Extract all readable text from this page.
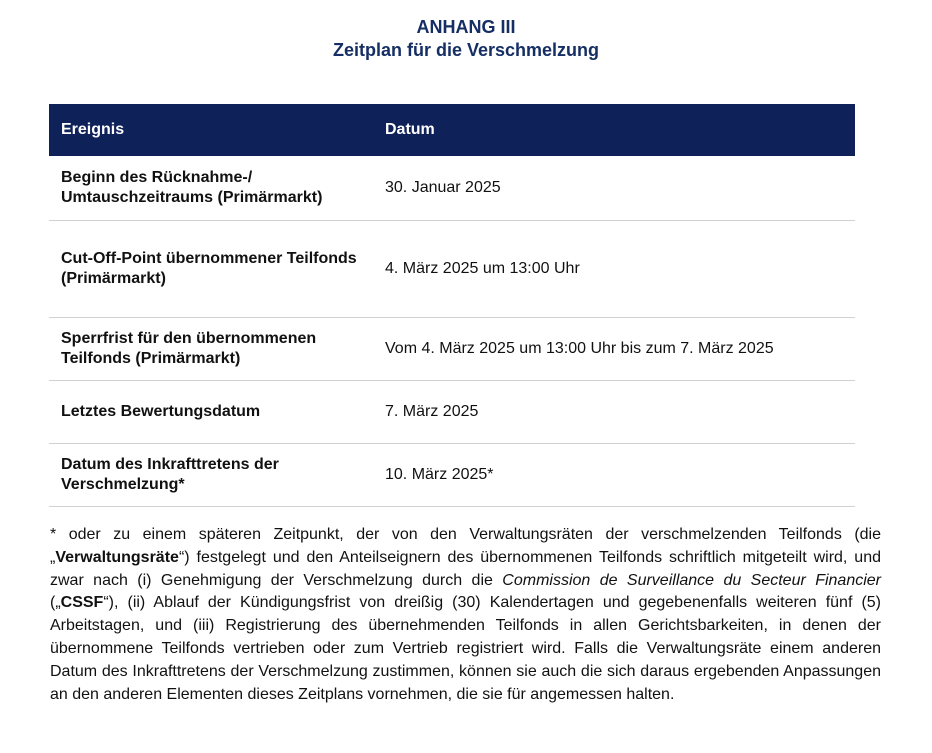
ANHANG III
Zeitplan für die Verschmelzung
Ereignis	Datum
Beginn des Rücknahme-/ Umtauschzeitraums (Primärmarkt)	30. Januar 2025
Cut-Off-Point übernommener Teilfonds (Primärmarkt)	4. März 2025 um 13:00 Uhr
Sperrfrist für den übernommenen Teilfonds (Primärmarkt)	Vom 4. März 2025 um 13:00 Uhr bis zum 7. März 2025
Letztes Bewertungsdatum	7. März 2025
Datum des Inkrafttretens der Verschmelzung*	10. März 2025*

* oder zu einem späteren Zeitpunkt, der von den Verwaltungsräten der verschmelzenden Teilfonds (die „Verwaltungsräte“) festgelegt und den Anteilseignern des übernommenen Teilfonds schriftlich mitgeteilt wird, und zwar nach (i) Genehmigung der Verschmelzung durch die Commission de Surveillance du Secteur Financier („CSSF“), (ii) Ablauf der Kündigungsfrist von dreißig (30) Kalendertagen und gegebenenfalls weiteren fünf (5) Arbeitstagen, und (iii) Registrierung des übernehmenden Teilfonds in allen Gerichtsbarkeiten, in denen der übernommene Teilfonds vertrieben oder zum Vertrieb registriert wird. Falls die Verwaltungsräte einem anderen Datum des Inkrafttretens der Verschmelzung zustimmen, können sie auch die sich daraus ergebenden Anpassungen an den anderen Elementen dieses Zeitplans vornehmen, die sie für angemessen halten.
